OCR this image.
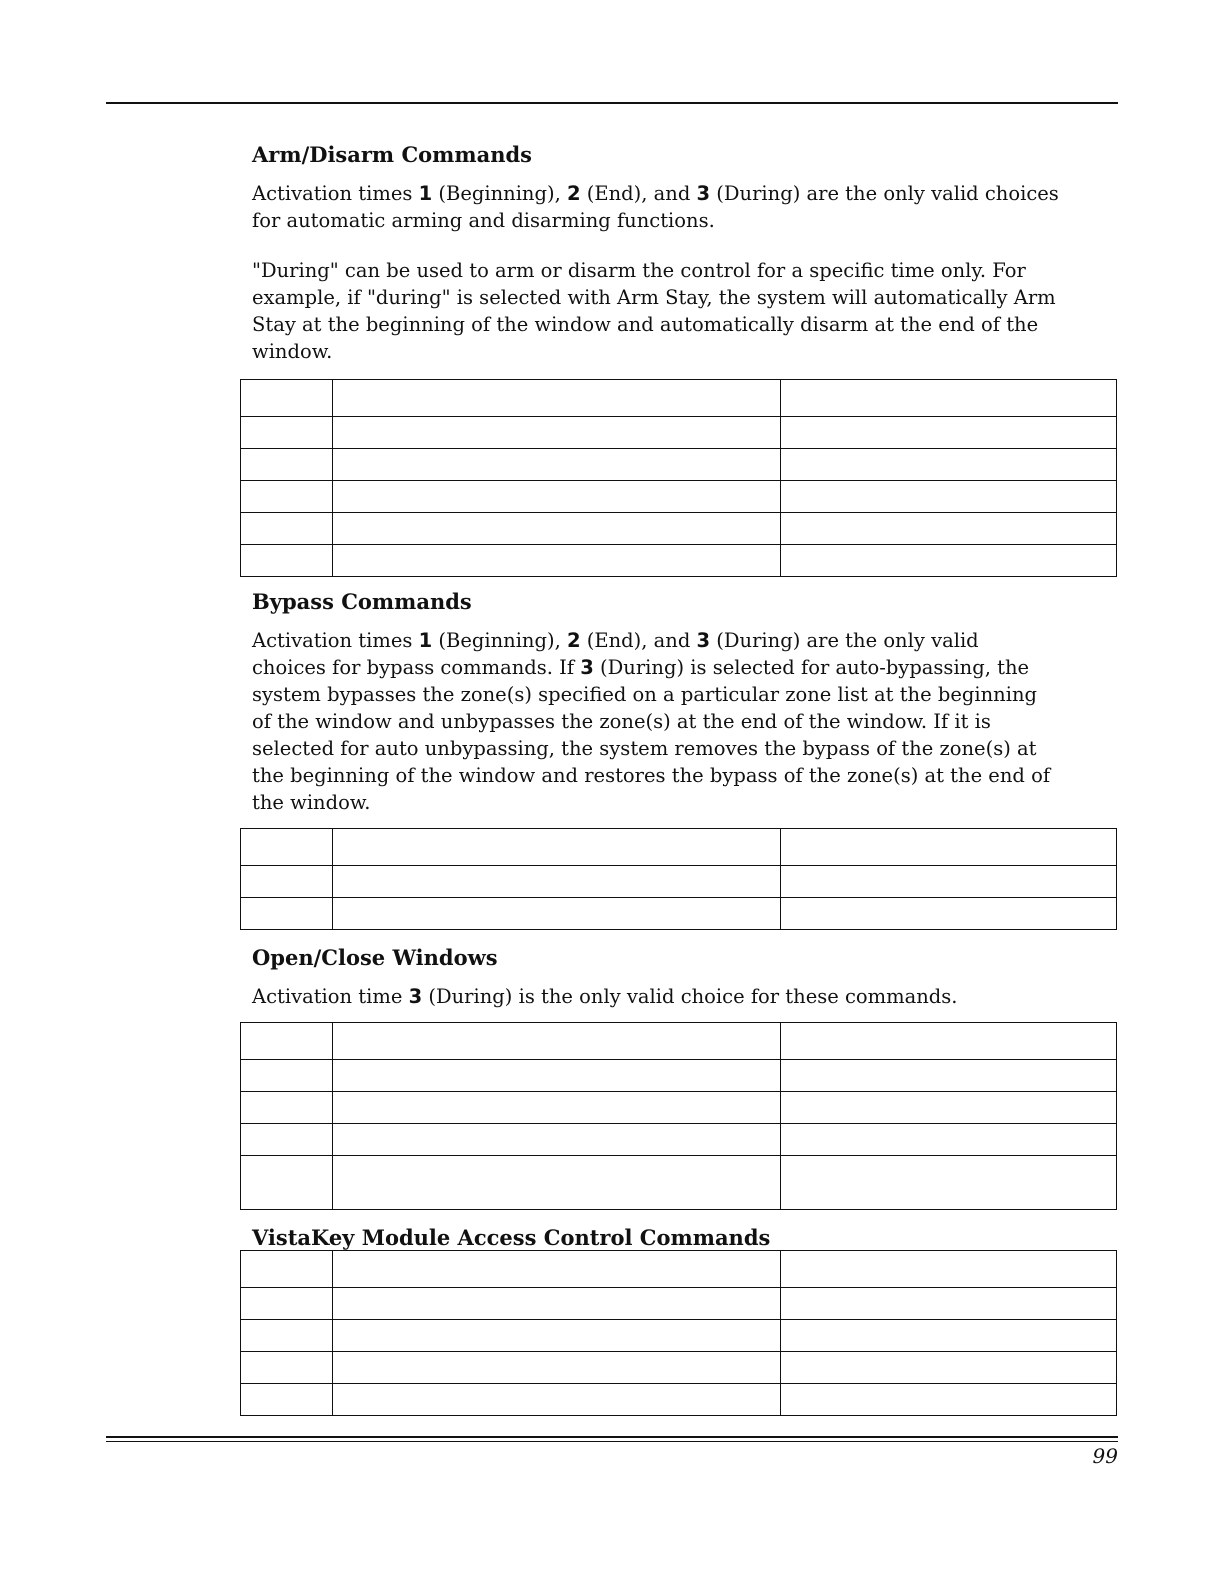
Arm/Disarm Commands
Activation times 1 (Beginning), 2 (End), and 3 (During) are the only valid choices for automatic arming and disarming functions.
"During" can be used to arm or disarm the control for a specific time only. For example, if "during" is selected with Arm Stay, the system will automatically Arm Stay at the beginning of the window and automatically disarm at the end of the window.

Bypass Commands
Activation times 1 (Beginning), 2 (End), and 3 (During) are the only valid choices for bypass commands. If 3 (During) is selected for auto-bypassing, the system bypasses the zone(s) specified on a particular zone list at the beginning of the window and unbypasses the zone(s) at the end of the window. If it is selected for auto unbypassing, the system removes the bypass of the zone(s) at the beginning of the window and restores the bypass of the zone(s) at the end of the window.

Open/Close Windows
Activation time 3 (During) is the only valid choice for these commands.

VistaKey Module Access Control Commands

99
